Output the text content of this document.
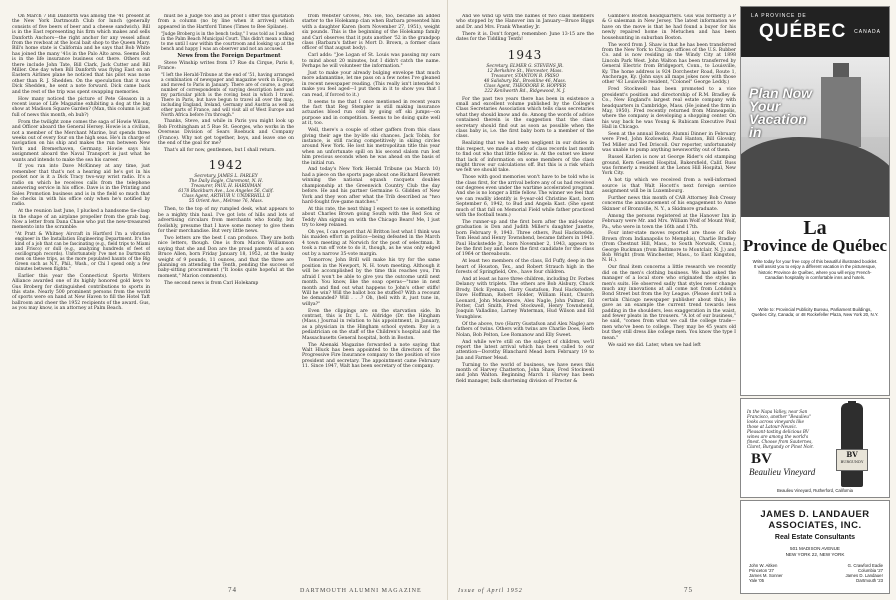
On March 7 Bill Danforth was among the '41 present at the New York Dartmouth Club for lunch (generally consists of five beers of beer and a cheese sandwich). Bill is in the East representing his firm which makes and sells Danforth Anchors—the right anchor for any vessel afloat from the rowboat at the local bait shop to the Queen Mary. Bill's home state is California and he says that Bob White has joined the many '41s in the Palo Alto area. Seems Bob is in the life insurance business out there. Others out there include John Tate, Bill Clark, Jack Cutter and Bill Miller. One day when Bill Danforth was flying East on an Eastern Airlines plane he noticed that his pilot was none other than R. J. Shedden. On the speculation that it was Dick Shedden, he sent a note forward. Dick came back and the rest of the trip was spent swapping memories.

How many noticed the picture of Pete Gleason in a recent issue of Life Magazine exhibiting a dog at the big show at Madison Square Garden? (Man, this column is just full of news this month, eh bub?)

From the twilight zone comes the saga of Howie Wilson, and Officer aboard the General Hersey. Howie is a civilian, not a member of the Merchant Marine, but spends three weeks out of every four on the high seas. He's in charge of navigation on his ship and makes the run between New York and Bremerhaven, Germany. Howie says his assignment aboard the Naval Transport is just what he wants and intends to make the sea his career.

If you ran into Dave McKinney at any time, just remember that that's not a hearing aid he's got in his pocket nor is it a Dick Tracy two-way wrist radio. It's a radio on which he receives calls from the telephone answering service in his office. Dave is in the Printing and Sales Promotion business and is in the field so much that he checks in with his office only when he's notified by radio.

At the reunion last June, I plucked a handsome tie-clasp in the shape of an airplane propeller from the grab bag. Now a letter from Dana Chase who put the new-treasured memento into the scramble:

"At Pratt & Whitney Aircraft in Hartford I'm a vibration engineer in the Installation Engineering Department. It's the kind of a job that can be fascinating (e.g., field trips to Miami and Frisco) or dull (e.g., analyzing hundreds of feet of oscillograph records). Unfortunately I've met no Dartmouth men on these trips, as the more populated haunts of the Big Green such as N.Y., Phil., Wash., or Chi I spend only a few minutes between flights."

Earlier this year the Connecticut Sports Writers Alliance awarded one of its highly honored gold keys to Gus Broberg for distinguished contributions to sports in this state. Nearly 500 prominent persons from the world of sports were on hand at New Haven to fill the Hotel Taft ballroom and cheer the 1952 recipients of the award. Gus, as you may know, is an attorney at Palm Beach.

must be a Judge too and as proof I offer this quotation from a column (no by line when it arrived) which appeared in the Hartford Times (Times to Bee Spilane).

"Judge Broberg is in the bench today," I was told as I walked in the Palm Beach Municipal Court. This didn't mean a thing to me until I saw within the courtroom and looking up at the bench and happy I was an observer and not an accused.

News from the Foreign Department

Steve Winship writes from 17 Rue du Cirque, Paris 8, France:

"I left the Herald-Tribune at the end of '51, having arranged a combination of newspaper and magazine work in Europe, and moved to Paris in January. There are of course, a great number of correspondents of varying description here and my particular pitch is the roving beat in which I travel. There in Paris, but have begun to travel all over the map, including England, Ireland, Germany and Austria as well as other parts of France, and will visit all of West Europe and North Africa before I'm through."

Thanks, Steve, and while in Paris you might look up Bob Frothingham at 5 Rue St. Georges, who works in the Overseas Division of Sears Roebuck and Company (France). Why not get together, boys, and leave one on the end of the goal for me?

That's all for now, gentlemen, but I shall return.

1942
Secretary, JAMES L. FARLEY
The Daily Eagle, Claremont, N. H.
Treasurer, PAUL H. HARDIMAN
6178 Blackburn Ave., Los Angeles 56, Calif.
Class Agent, ARTHUR V. UNDERHILL II
55 Orient Ave., Melrose 76, Mass.

Then, to the top of my rumpled desk, what appears to be a mighty thin haul. I've got lots of hills and lots of advertising circulars from merchants who fondly, but foolishly, presume that I have some money to give them for their merchandise. But very little news.

Two letters are the best I can produce. They are both nice letters, though. One is from Marion Williamson saying that she and Don are the proud parents of a son Bruce Allen, born Friday January 18, 1952, at the husky weight of 9 pounds, 11 ounces, and that the three are planning on attending the Tenth, pending the success of baby-sitting procurement ("It looks quite hopeful at the moment," Marion comments).

The second news is from Carl Holekamp

from Webster Groves, Mo. He, too, became an added starter to the Holekamp clan when Barbara presented him with a daughter Karen (born November 27, 1951), weight six pounds. This is the beginning of the Holekamp family and Carl observes that it puts another '52 in the grandpop class (Barbara's father is Mort D. Brown, a former class officer of that august body).

Carl adds: "Joe Logan of St. Louis was passing my oars to mind about 20 minutes, but I didn't catch the name. Perhaps he will volunteer the information."

Just to make your already bulging envelope that much more adamantine, let me pass on a few notes I've gleaned in recent newspaper reading. (This really isn't intended to make you feel aged—I put them in it to show you that I can read, if forced to it.)

It seems to me that I once mentioned in recent years the fact that Reg Stempler is still making insurance actuaries blood run cold by going off ski jumps—on purpose and in competition. Seems to be doing quite well at it, too.

Well, there's a couple of other gaffers from this class giving their age the by-life ski chances. Jack Tobin, for instance, is still racing competitively in skiing circles around New York. He lost his metropolitan title this year when an unfortunate spill on his second slalom run lost him precious seconds when he was ahead on the basis of the initial run.

And today's New York Herald Tribune (as March 10) had a piece on the sports page about one Richard Reverett winning the national squash racquets doubles championship at the Greenwich Country Club the day before. He and his partner Germaine G. Glidden of New York and they won after what the Trib described as "two hard-fought five-game matches."

At this rate, the next thing I expect to see is something about Charles Brown going South with the Red Sox or Teddy Ahn signing on with the Chicago Bears! Me, I just try to keep relaxed.

Oh yes, I can report that Al Britton lost what I think was his maiden effort in politics—being defeated in the March 4 town meeting at Norwich for the post of selectman. It took a run off vote to do it, though, as he was only edged out by a narrow 35-vote margin.

Tomorrow, John Brill will make his try for the same position in the Newport, N. H. town meeting. Although it will be accomplished by the time this reaches you, I'm afraid I won't be able to give you the outcome until next month. You know, like the soap operas—"tune in next month and find out what happens to John's other stiffs! Will he win? Will the ballot box be stuffed? With a recount be demanded? Will . . .? Oh, (hell with it, just tune in, willya?"

Even the clippings are on the starvation side. In contrast, this is Dr. L. L. Aldridge (Dr. the Hingham (Mass.) Journal in relation to his appointment, in January, as a physician in the Hingham school system. Roy is a pediatrician on the staff of the Children's hospital and the Massachusetts General hospital, both in Boston.

The Abenaki Magazine forwarded a note saying that Walt Hluck has been appointed to the directors of the Progressive Fire Insurance company to the position of vice president and secretary. The appointment came February 11. Since 1947, Walt has been secretary of the company.

74	DARTMOUTH ALUMNI MAGAZINE

And we wind up with the names of two class members who stopped by the Hanover inn in January—Bruce Biggs and Dr. and Mrs. Frank Wheatley Jr.

There it is. Don't forget, remember: June 13-15 are the dates for the Tiddling Tenth!

1943
Secretary, ELMER G. STEVENS JR.
12 Berkshire St., Worcester, Mass.
Treasurer, STANTON B. PRISO
48 Salisbury Rd., Brookline 46, Mass.
Class Agent, THEODORE R. HOPPER
222 Kenilworth Rd., Ridgewood, N. J.

For the past two years there has been in existence a small and excellent volume published by the College's Class Secretaries Association which tells class secretaries what they should know and do. Among the words of advice contained therein is the suggestion that the class secretary should find out as soon as possible when the class baby is, i.e. the first baby born to a member of the class.

Realizing that we had been negligent in our duties in this respect, we made a study of class records last month to find out who that little fellow is. At the outset we knew that lack of information on some members of the class might throw our calculations off. But this is a risk which we felt we should take.

Those with good memories won't have to be told who is the class first, for the arrival before any of us had received our degrees even under the wartime accelerated program. And she is no longer a little fellow. The winner we feel that we can readily identify is 9-year-old Christine Kast, born September 6, 1942, to Bud and Angela Kast. (She spent much of that fall on Memorial Field while father practiced with the football team.)

The runner-up and the first born after the mid-winter graduation is Don and Judith Miller's daughter Janette, born February 9, 1943. Three others, Paul Hackstedde, Tom Head and Henry Townshend, became fathers in 1943. Paul Hackstedde Jr., born November 2, 1943, appears to be the first boy and hence the first candidate for the class of 1964 or thereabouts.

At least two members of the class, Ed Fuffy, deep in the heart of Houston, Tex., and Robert Strauch high in the forests of Springfield, Ore., have four children.

And at least as have three children, including Dr. Forbes Delancy with triplets. The others are Bob Alsbury, Chuck Brody, Dick Eyeman, Harry Gustafson, Paul Hackstedde, Dave Hoffman, Robert Holder, William Hunt, Church Leonard, John Mackemore, Alex Nagle, John Palmer, Ed Potter, Carl Smith, Fred Stockwell, Henry Townshend, Joaquin Valladino, Larney Waterman, Hud Wilson and Ed Youngblow.

Of the above, two (Harry Gustafson and Alex Nagle) are fathers of twins. Others with twins are Charlie Does, Herb Nolan, Bob Pelton, Lee Romanow and Elly Sweet.

And while we're still on the subject of children, we'll report the latest arrival which has been called to our attention—Dorothy Blanchard Mead born February 19 to Jan and Farmer Mead.

Turning to the world of business, we have news this month of Harvey Chatterton, John Shaw, Fred Stockwell and John Walton. Beginning March 1 Harvey has been field manager, bulk shortening division of Procter &

Gamble's Boston headquarters. Gus was formerly a P & G salesman in New Jersey. The latest information we have on the move is that he had found a buyer for his newly repaired home in Metuchen and has been househunting in suburban Boston.

The word from J. Shaw is that he has been transferred from the New York to Chicago offices of the U.S. Rubber Co. and is now residing in the Windy City at 1898 Lincoln Park West. John Walton has been transferred by General Electric from Bridgeport, Conn., to Louisville, Ky. The home address is 924 Dorchester Road, Route 1, Anchorage, Ky. (John says all maps jokes now with those other '43 Louisville resident, "Colonel" George Leddy.)

Fred Stockwell has been promoted to a vice president's position and directorship of R.M. Bradley & Co., New England's largest real estate company with headquarters in Cambridge, Mass. (He joined the firm in May, 1950). Fred recently returned from Minneapolis, where the company is developing a shopping center. On his way back he was Young & Rubicam Executive Paul Hall in Chicago.

Seen at the annual Boston Alumni Dinner in February were Fred, John Kozlowski, Paul Hanton, Bill Glovsky, Ted Miller and Ted Driscoll. Our reporter, unfortunately was unable to pump anything newsworthy out of them.

Russel Karlen is now at George Rider's old stamping ground, Kern General Hospital, Bakersfield, Calif. Russ was formerly a resident at the Lenox Hill Hospital, New York City.

A hot tip which we received from a well-informed source is that Walt Hocott's next foreign service assignment will be in Luxembourg.

Further news this month of CAB Attorney Bob Cressy concerns the announcement of his engagement to Anne Skinner of Bronxville, N. Y., a Skidmore graduate.

Among the persons registered at the Hanover Inn in February were Mr. and Mrs. William Wolf of Mount Wolf, Pa., who were in town the 16th and 17th.

Four inter-state moves reported are those of Rob Brown (from Indianapolis to Memphis), Charlie Bradley (from Chestnut Hill, Mass., to South Norwalk, Conn.), George Buckman (from Baltimore to Montclair, N. J.) and Bob Wright (from Winchester, Mass., to East Kingston, N. H.).

Our final item concerns a little research we recently did on the men's clothing business. We had asked the manager of a local store who originated the styles in men's suits. He observed sadly that styles never change much any innovations at all come not from London's Bond Street but from the Ivy League. (Please don't tell a certain Chicago newspaper publisher about this.) He gave as an example the current trend towards less padding in the shoulders, less exaggeration in the waist, and fewer pleats in the trousers. "A lot of our business," he said, "comes from what we call the college trade—men who've been to college. They may be 45 years old but they still dress like college men. You know the type I mean."

We said we did. Later, when we had left

Issue of April 1952	75
LA PROVINCE DE
QUÉBEC CANADA
Plan Now Your Vacation in
La
Province de Québec
Write today for your free copy of this beautiful illustrated booklet. It will assist you to enjoy a different vacation in the picturesque, historic Province de Québec, where you will enjoy French-Canadian hospitality in comfortable inns and hotels.
Write to: Provincial Publicity Bureau, Parliament Buildings, Quebec City, Canada; or 48 Rockefeller Plaza, New York 20, N.Y.
In the Napa Valley, near San Francisco, another "Beaulieu" looks across vineyards like those at Latour-Neuvic. Pleasant-tasting delicious BV wines are among the world's finest. Choose from Sauternes, Claret, Burgundy or Pinot Noir.
BV
BURGUNDY
BV
Beaulieu Vineyard
Beaulieu Vineyard, Rutherford, California
JAMES D. LANDAUER
ASSOCIATES, INC.
Real Estate Consultants
501 MADISON AVENUE
NEW YORK 22, NEW YORK
John W. Aitken
Princeton '27
James M. Sonner
Yale '05
G. Crawford Eadie
Columbia '27
James D. Landauer
Dartmouth '23
